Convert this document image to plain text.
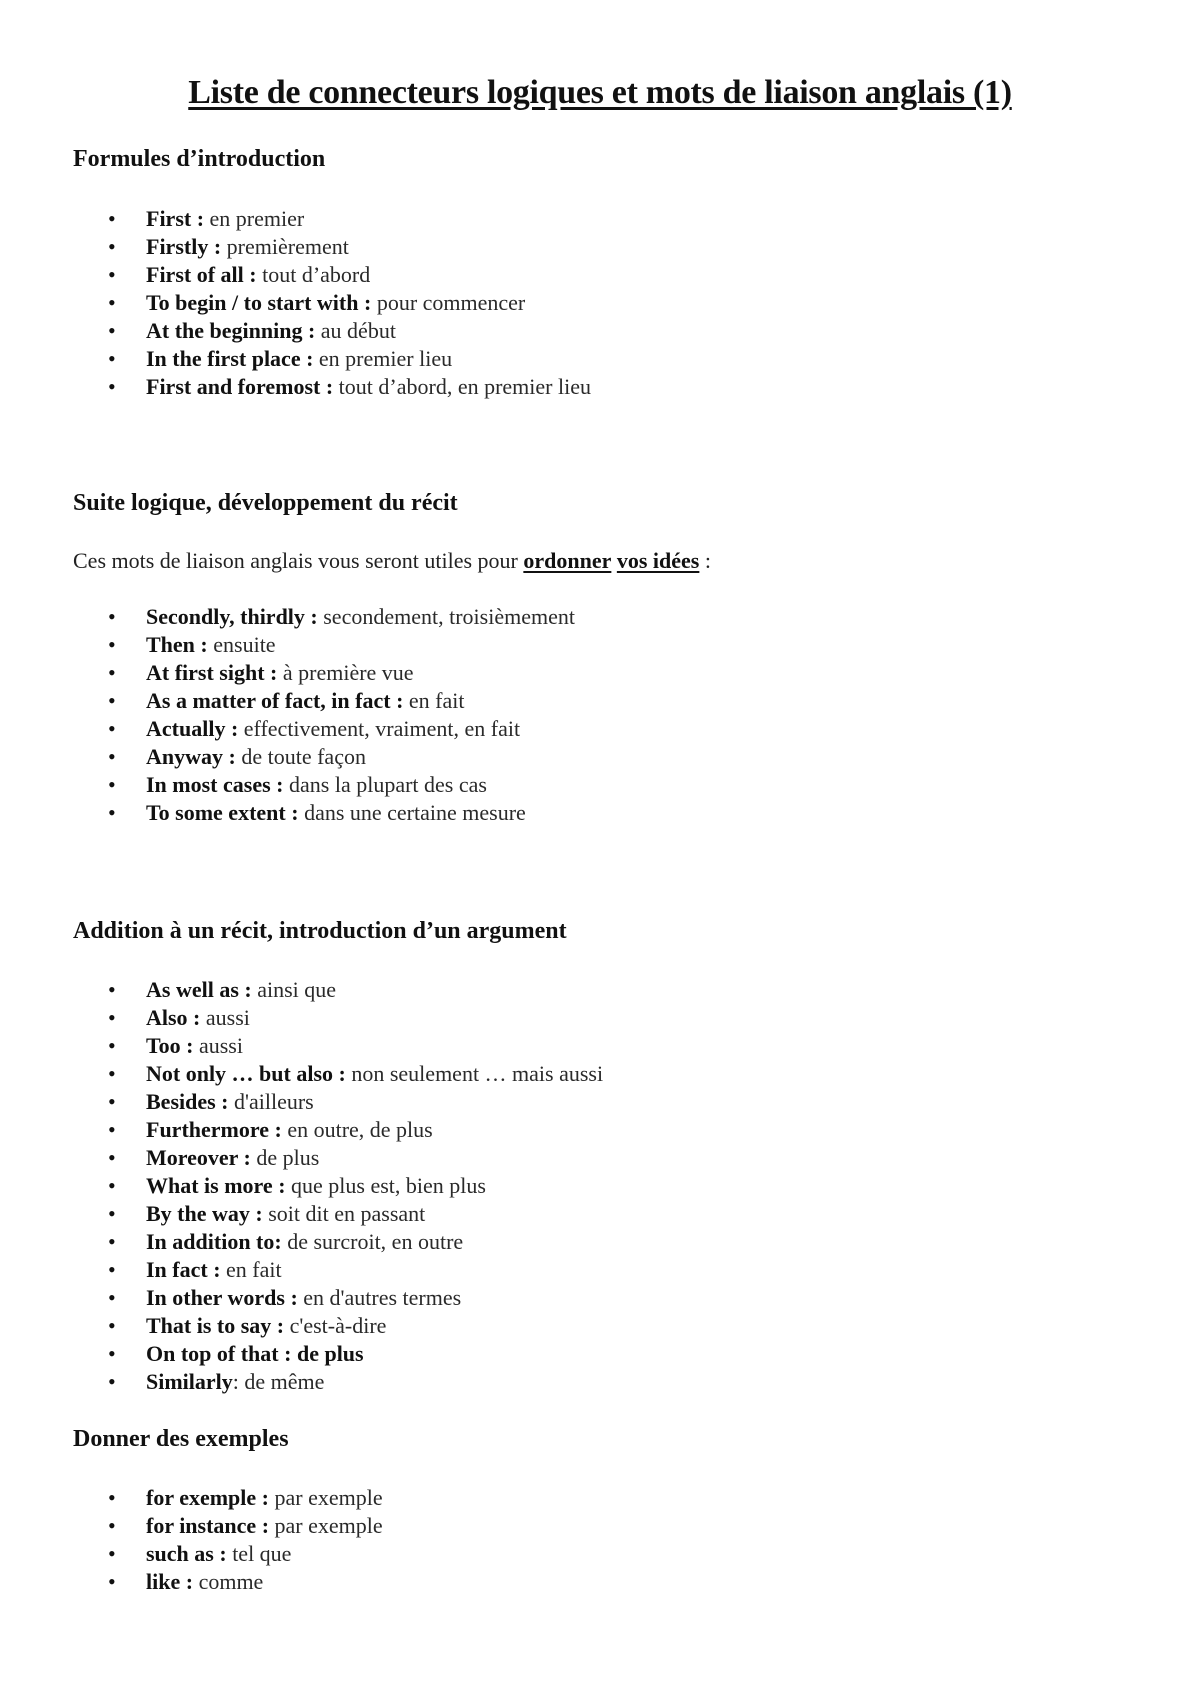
Liste de connecteurs logiques et mots de liaison anglais (1)
Formules d’introduction
• First : en premier
• Firstly : premièrement
• First of all : tout d’abord
• To begin / to start with : pour commencer
• At the beginning : au début
• In the first place : en premier lieu
• First and foremost : tout d’abord, en premier lieu
Suite logique, développement du récit

Ces mots de liaison anglais vous seront utiles pour ordonner vos idées :

• Secondly, thirdly : secondement, troisièmement
• Then : ensuite
• At first sight : à première vue
• As a matter of fact, in fact : en fait
• Actually : effectivement, vraiment, en fait
• Anyway : de toute façon
• In most cases : dans la plupart des cas
• To some extent : dans une certaine mesure
Addition à un récit, introduction d’un argument
• As well as : ainsi que
• Also : aussi
• Too : aussi
• Not only … but also : non seulement … mais aussi
• Besides : d'ailleurs
• Furthermore : en outre, de plus
• Moreover : de plus
• What is more : que plus est, bien plus
• By the way : soit dit en passant
• In addition to: de surcroit, en outre
• In fact : en fait
• In other words : en d'autres termes
• That is to say : c'est-à-dire
• On top of that : de plus
• Similarly: de même
Donner des exemples
• for exemple : par exemple
• for instance : par exemple
• such as : tel que
• like : comme
